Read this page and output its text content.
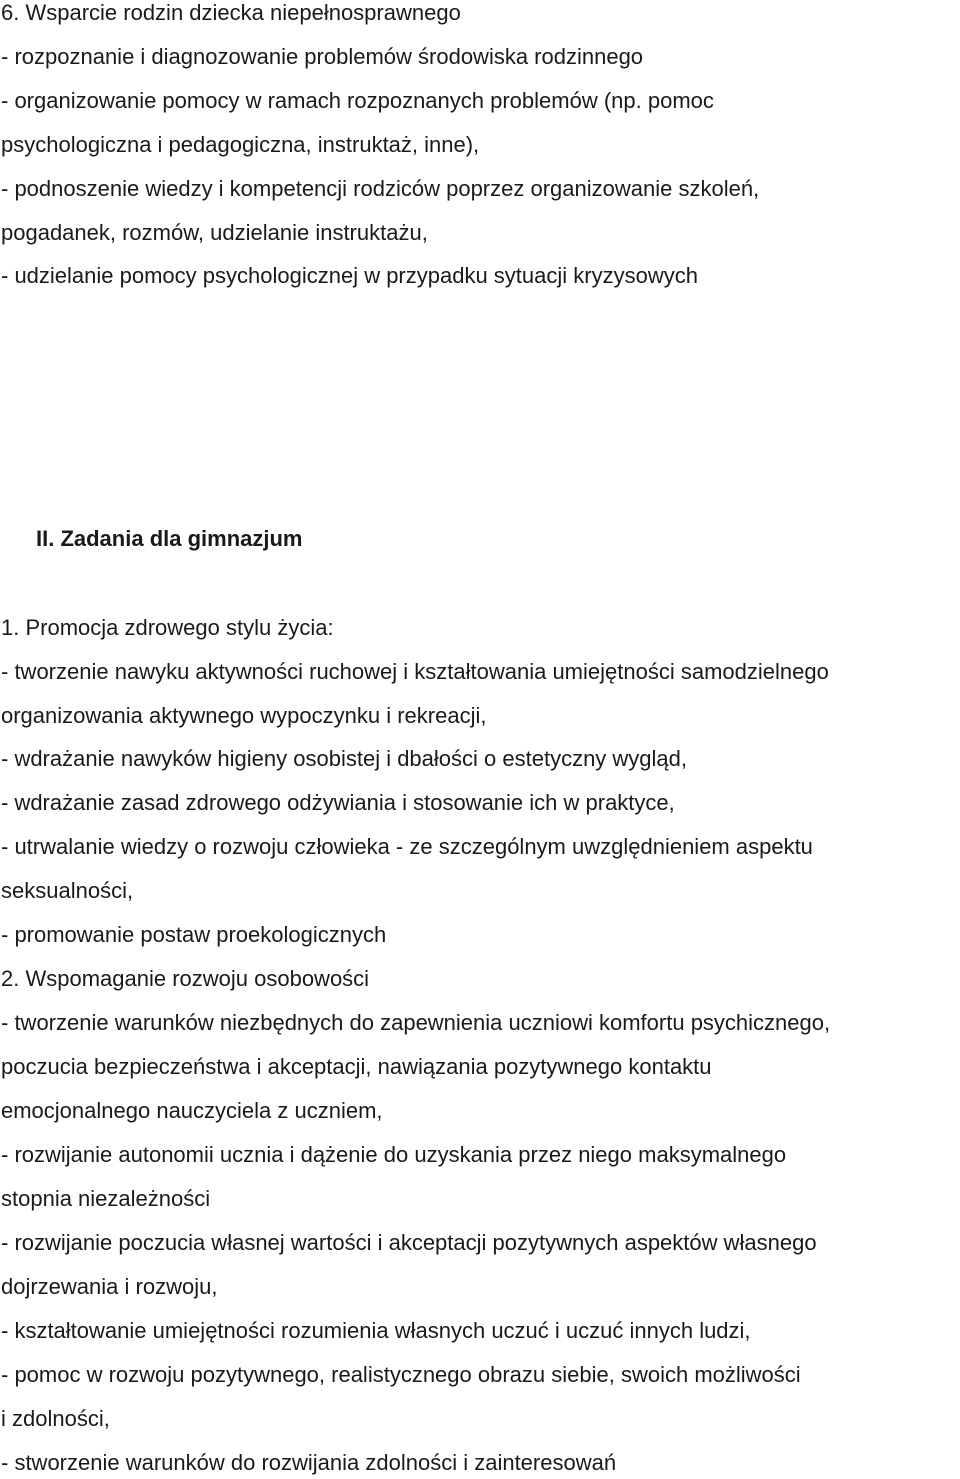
6. Wsparcie rodzin dziecka niepełnosprawnego

- rozpoznanie i diagnozowanie problemów środowiska rodzinnego

- organizowanie pomocy w ramach rozpoznanych problemów (np. pomoc

psychologiczna i pedagogiczna, instruktaż, inne),

- podnoszenie wiedzy i kompetencji rodziców poprzez organizowanie szkoleń,

pogadanek, rozmów, udzielanie instruktażu,

- udzielanie pomocy psychologicznej w przypadku sytuacji kryzysowych

II. Zadania dla gimnazjum

1. Promocja zdrowego stylu życia:

- tworzenie nawyku aktywności ruchowej i kształtowania umiejętności samodzielnego

organizowania aktywnego wypoczynku i rekreacji,

- wdrażanie nawyków higieny osobistej i dbałości o estetyczny wygląd,

- wdrażanie zasad zdrowego odżywiania i stosowanie ich w praktyce,

- utrwalanie wiedzy o rozwoju człowieka - ze szczególnym uwzględnieniem aspektu

seksualności,

- promowanie postaw proekologicznych

2. Wspomaganie rozwoju osobowości

- tworzenie warunków niezbędnych do zapewnienia uczniowi komfortu psychicznego,

poczucia bezpieczeństwa i akceptacji, nawiązania pozytywnego kontaktu

emocjonalnego nauczyciela z uczniem,

- rozwijanie autonomii ucznia i dążenie do uzyskania przez niego maksymalnego

stopnia niezależności

- rozwijanie poczucia własnej wartości i akceptacji pozytywnych aspektów własnego

dojrzewania i rozwoju,

- kształtowanie umiejętności rozumienia własnych uczuć i uczuć innych ludzi,

- pomoc w rozwoju pozytywnego, realistycznego obrazu siebie, swoich możliwości

i zdolności,

- stworzenie warunków do rozwijania zdolności i zainteresowań
